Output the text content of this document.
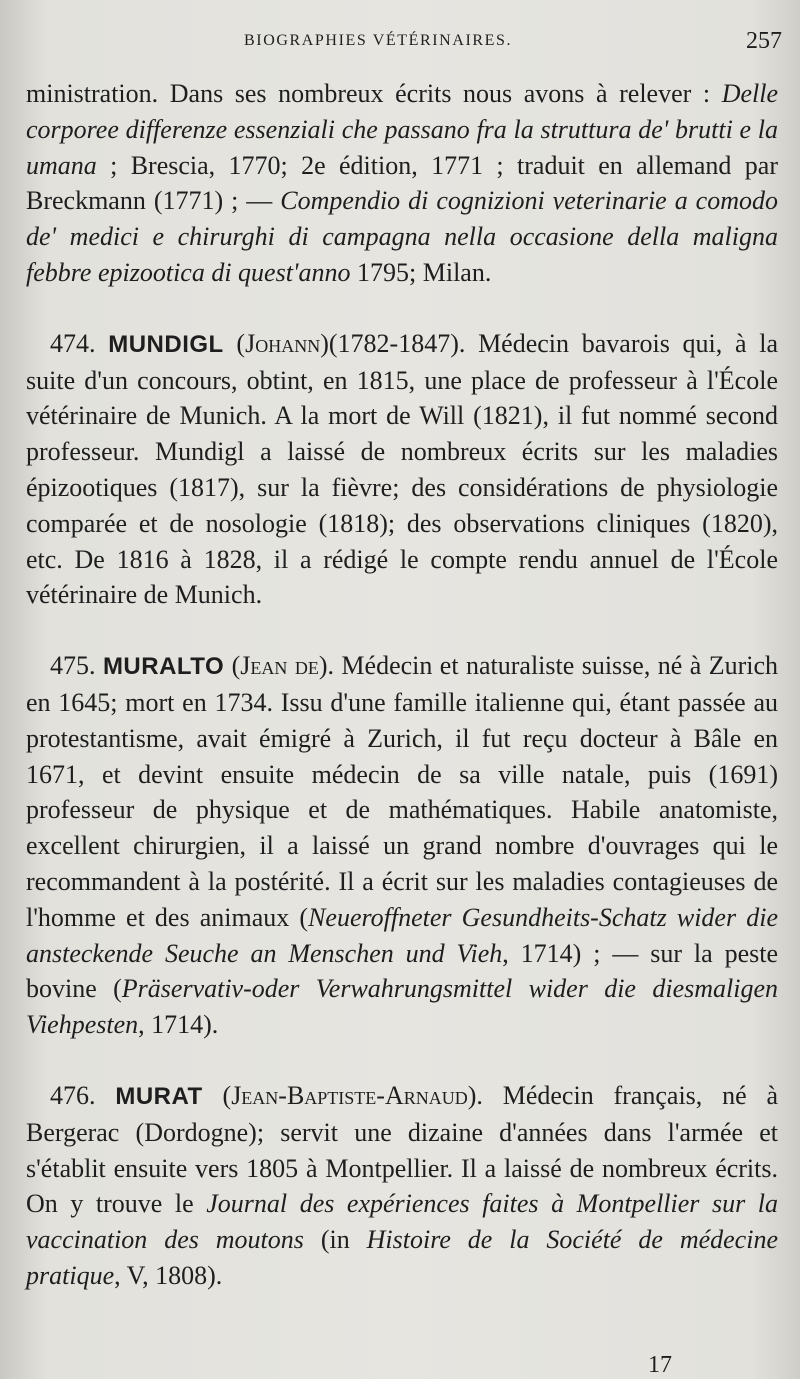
BIOGRAPHIES VÉTÉRINAIRES.	257

ministration. Dans ses nombreux écrits nous avons à relever : Delle corporee differenze essenziali che passano fra la struttura de' brutti e la umana ; Brescia, 1770; 2e édition, 1771 ; traduit en allemand par Breckmann (1771) ; — Compendio di cognizioni veterinarie a comodo de' medici e chirurghi di campagna nella occasione della maligna febbre epizootica di quest'anno 1795; Milan.

474. MUNDIGL (Johann)(1782-1847). Médecin bavarois qui, à la suite d'un concours, obtint, en 1815, une place de professeur à l'École vétérinaire de Munich. A la mort de Will (1821), il fut nommé second professeur. Mundigl a laissé de nombreux écrits sur les maladies épizootiques (1817), sur la fièvre; des considérations de physiologie comparée et de nosologie (1818); des observations cliniques (1820), etc. De 1816 à 1828, il a rédigé le compte rendu annuel de l'École vétérinaire de Munich.

475. MURALTO (Jean de). Médecin et naturaliste suisse, né à Zurich en 1645; mort en 1734. Issu d'une famille italienne qui, étant passée au protestantisme, avait émigré à Zurich, il fut reçu docteur à Bâle en 1671, et devint ensuite médecin de sa ville natale, puis (1691) professeur de physique et de mathématiques. Habile anatomiste, excellent chirurgien, il a laissé un grand nombre d'ouvrages qui le recommandent à la postérité. Il a écrit sur les maladies contagieuses de l'homme et des animaux (Neueroffneter Gesundheits-Schatz wider die ansteckende Seuche an Menschen und Vieh, 1714) ; — sur la peste bovine (Präservativ-oder Verwahrungsmittel wider die diesmaligen Viehpesten, 1714).

476. MURAT (Jean-Baptiste-Arnaud). Médecin français, né à Bergerac (Dordogne); servit une dizaine d'années dans l'armée et s'établit ensuite vers 1805 à Montpellier. Il a laissé de nombreux écrits. On y trouve le Journal des expériences faites à Montpellier sur la vaccination des moutons (in Histoire de la Société de médecine pratique, V, 1808).

17
